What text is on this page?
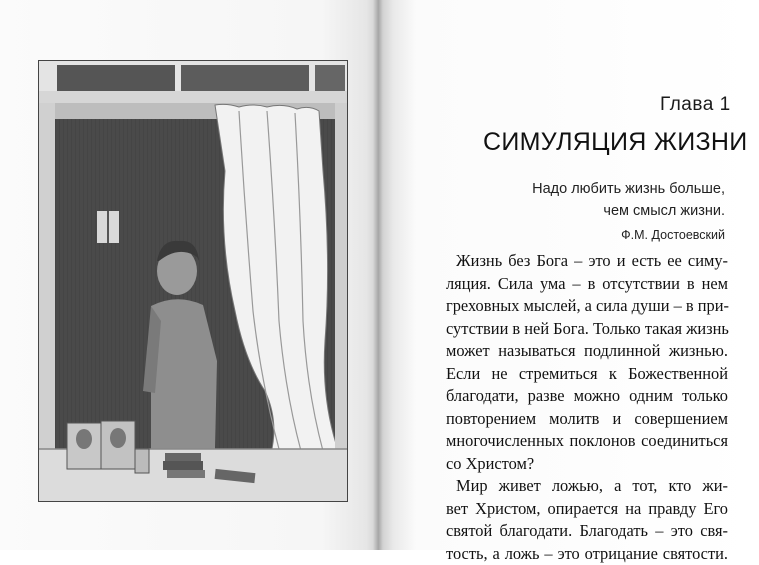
Глава 1
СИМУЛЯЦИЯ ЖИЗНИ
Надо любить жизнь больше,
чем смысл жизни.
Ф.М. Достоевский
Жизнь без Бога – это и есть ее симу-
ляция. Сила ума – в отсутствии в нем
греховных мыслей, а сила души – в при-
сутствии в ней Бога. Только такая жизнь
может называться подлинной жизнью.
Если не стремиться к Божественной
благодати, разве можно одним только
повторением молитв и совершением
многочисленных поклонов соединиться
со Христом?
Мир живет ложью, а тот, кто жи-
вет Христом, опирается на правду Его
святой благодати. Благодать – это свя-
тость, а ложь – это отрицание святости.
